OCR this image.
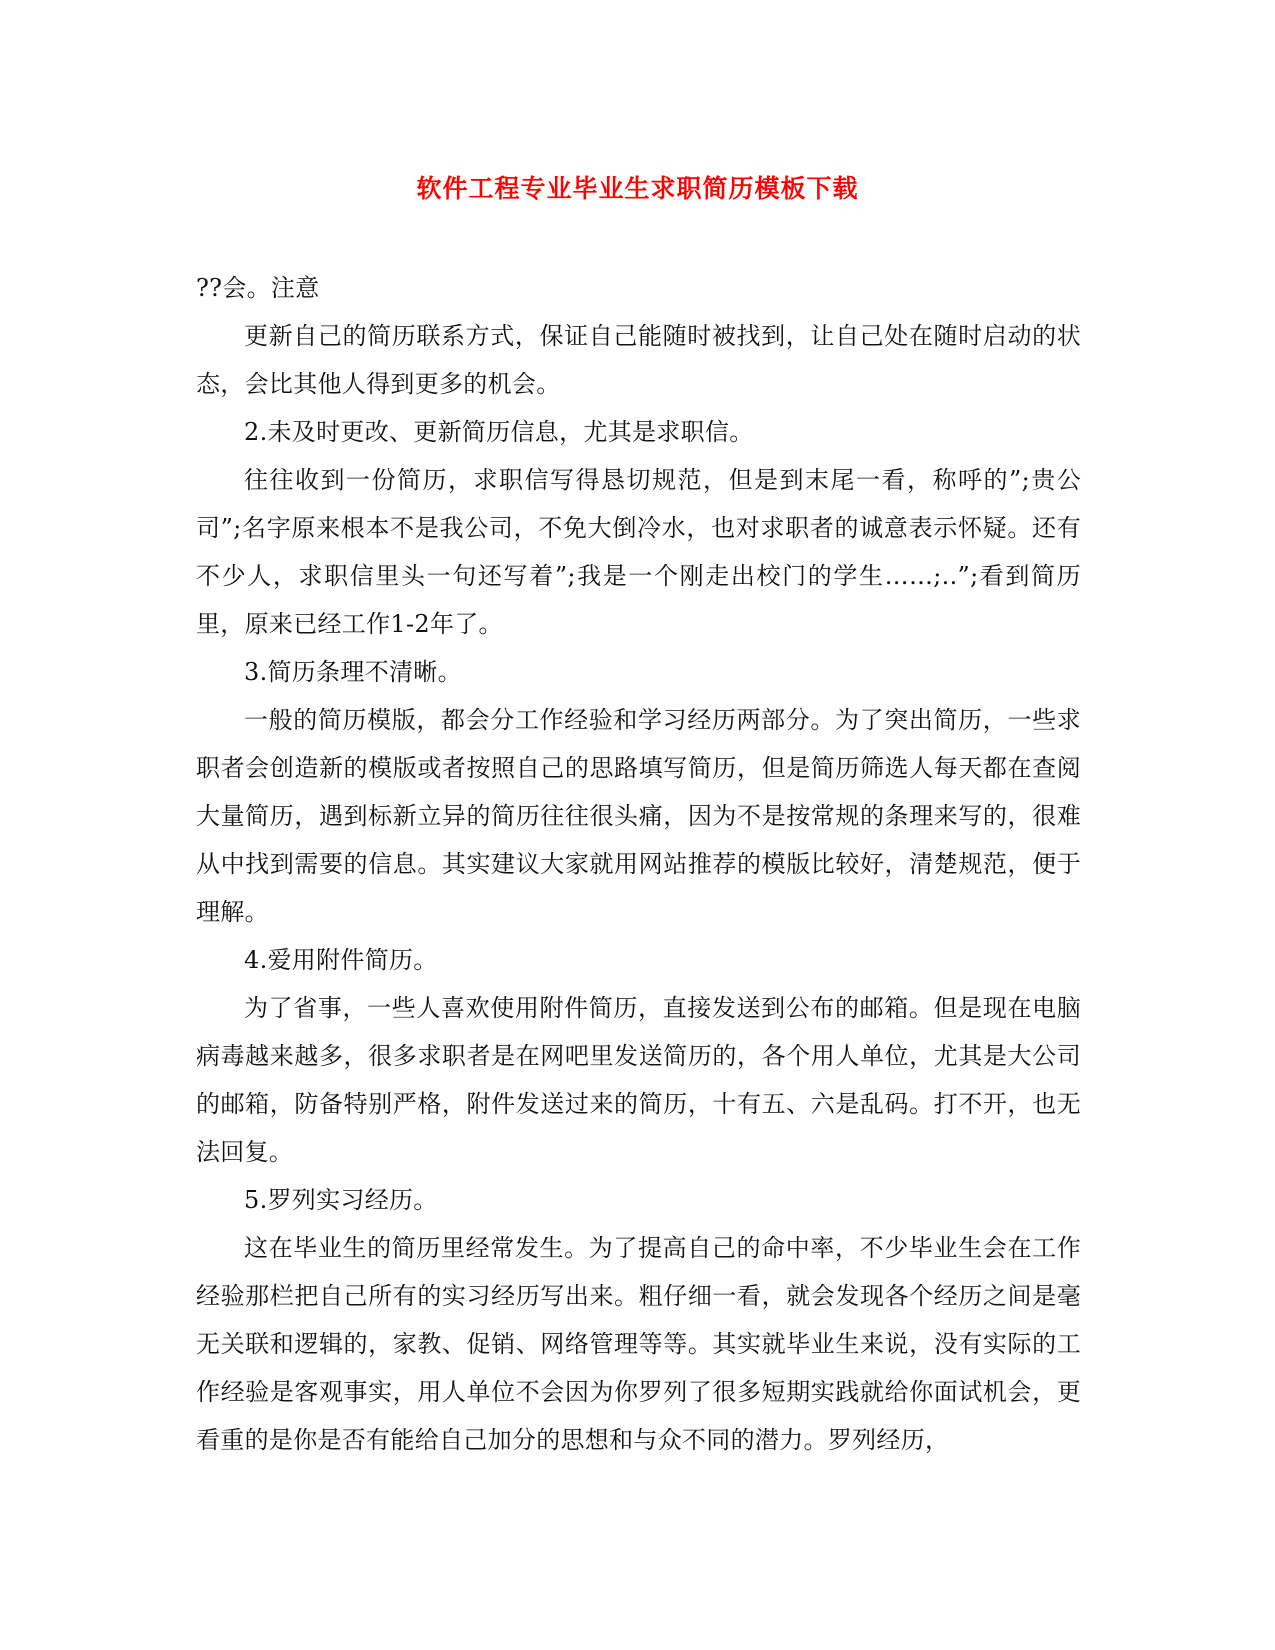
软件工程专业毕业生求职简历模板下载

??会。注意

更新自己的简历联系方式，保证自己能随时被找到，让自己处在随时启动的状态，会比其他人得到更多的机会。

2.未及时更改、更新简历信息，尤其是求职信。

往往收到一份简历，求职信写得恳切规范，但是到末尾一看，称呼的”;贵公司”;名字原来根本不是我公司，不免大倒冷水，也对求职者的诚意表示怀疑。还有不少人，求职信里头一句还写着”;我是一个刚走出校门的学生……;..”;看到简历里，原来已经工作1-2年了。

3.简历条理不清晰。

一般的简历模版，都会分工作经验和学习经历两部分。为了突出简历，一些求职者会创造新的模版或者按照自己的思路填写简历，但是简历筛选人每天都在查阅大量简历，遇到标新立异的简历往往很头痛，因为不是按常规的条理来写的，很难从中找到需要的信息。其实建议大家就用网站推荐的模版比较好，清楚规范，便于理解。

4.爱用附件简历。

为了省事，一些人喜欢使用附件简历，直接发送到公布的邮箱。但是现在电脑病毒越来越多，很多求职者是在网吧里发送简历的，各个用人单位，尤其是大公司的邮箱，防备特别严格，附件发送过来的简历，十有五、六是乱码。打不开，也无法回复。

5.罗列实习经历。

这在毕业生的简历里经常发生。为了提高自己的命中率，不少毕业生会在工作经验那栏把自己所有的实习经历写出来。粗仔细一看，就会发现各个经历之间是毫无关联和逻辑的，家教、促销、网络管理等等。其实就毕业生来说，没有实际的工作经验是客观事实，用人单位不会因为你罗列了很多短期实践就给你面试机会，更看重的是你是否有能给自己加分的思想和与众不同的潜力。罗列经历，
